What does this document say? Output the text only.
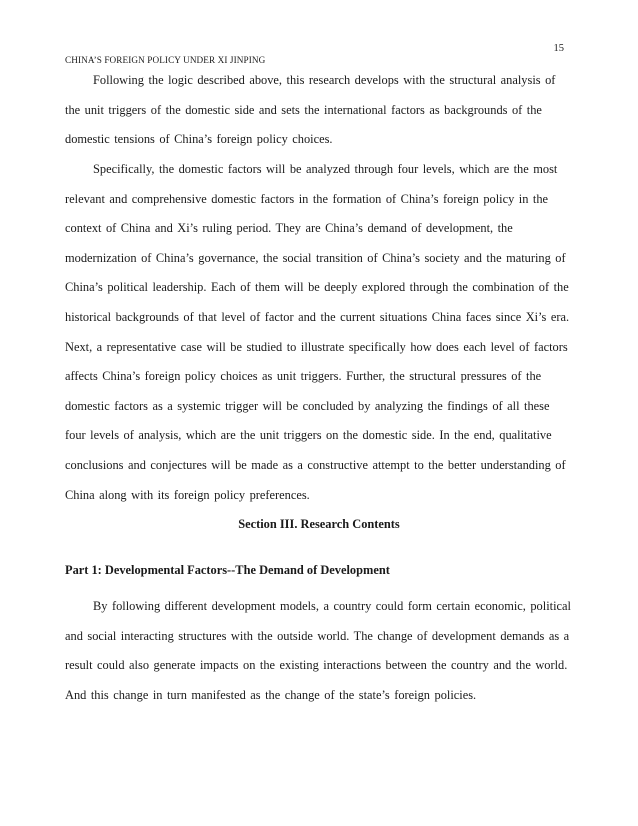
15
CHINA’S FOREIGN POLICY UNDER XI JINPING

Following the logic described above, this research develops with the structural analysis of the unit triggers of the domestic side and sets the international factors as backgrounds of the domestic tensions of China’s foreign policy choices.

Specifically, the domestic factors will be analyzed through four levels, which are the most relevant and comprehensive domestic factors in the formation of China’s foreign policy in the context of China and Xi’s ruling period. They are China’s demand of development, the modernization of China’s governance, the social transition of China’s society and the maturing of China’s political leadership. Each of them will be deeply explored through the combination of the historical backgrounds of that level of factor and the current situations China faces since Xi’s era. Next, a representative case will be studied to illustrate specifically how does each level of factors affects China’s foreign policy choices as unit triggers. Further, the structural pressures of the domestic factors as a systemic trigger will be concluded by analyzing the findings of all these four levels of analysis, which are the unit triggers on the domestic side. In the end, qualitative conclusions and conjectures will be made as a constructive attempt to the better understanding of China along with its foreign policy preferences.

Section III. Research Contents
Part 1: Developmental Factors--The Demand of Development

By following different development models, a country could form certain economic, political and social interacting structures with the outside world. The change of development demands as a result could also generate impacts on the existing interactions between the country and the world. And this change in turn manifested as the change of the state’s foreign policies.
